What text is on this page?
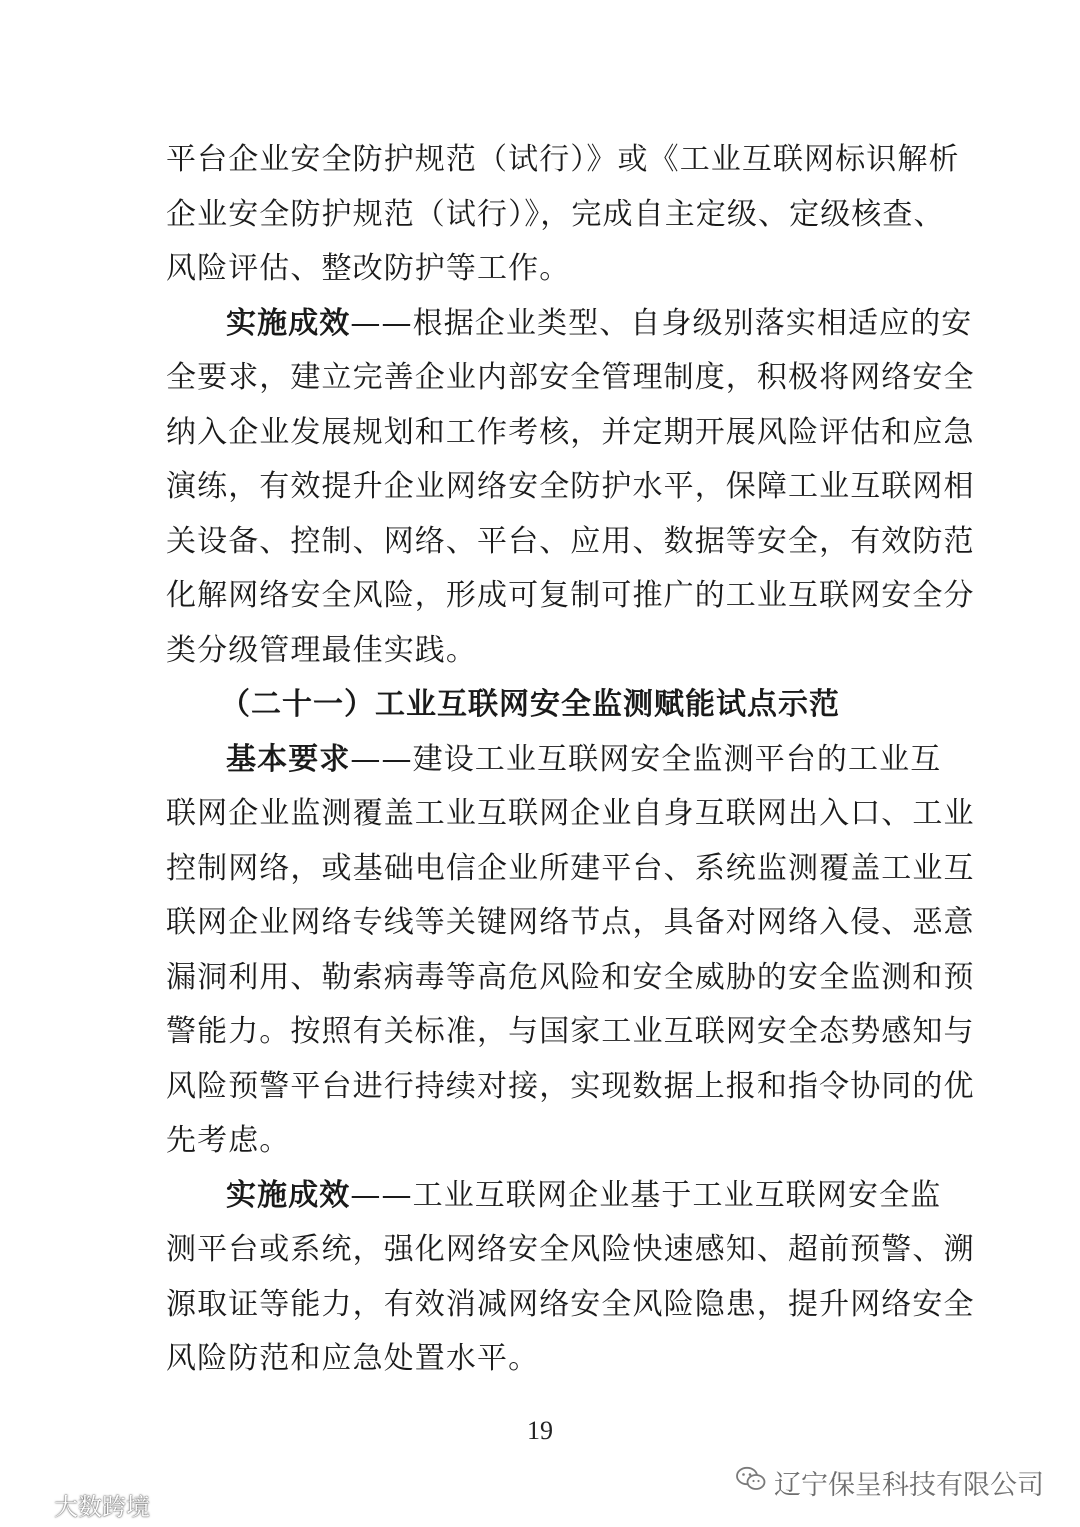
平台企业安全防护规范（试行）》或《工业互联网标识解析
企业安全防护规范（试行）》，完成自主定级、定级核查、
风险评估、整改防护等工作。
实施成效——根据企业类型、自身级别落实相适应的安
全要求，建立完善企业内部安全管理制度，积极将网络安全
纳入企业发展规划和工作考核，并定期开展风险评估和应急
演练，有效提升企业网络安全防护水平，保障工业互联网相
关设备、控制、网络、平台、应用、数据等安全，有效防范
化解网络安全风险，形成可复制可推广的工业互联网安全分
类分级管理最佳实践。
（二十一）工业互联网安全监测赋能试点示范
基本要求——建设工业互联网安全监测平台的工业互
联网企业监测覆盖工业互联网企业自身互联网出入口、工业
控制网络，或基础电信企业所建平台、系统监测覆盖工业互
联网企业网络专线等关键网络节点，具备对网络入侵、恶意
漏洞利用、勒索病毒等高危风险和安全威胁的安全监测和预
警能力。按照有关标准，与国家工业互联网安全态势感知与
风险预警平台进行持续对接，实现数据上报和指令协同的优
先考虑。
实施成效——工业互联网企业基于工业互联网安全监
测平台或系统，强化网络安全风险快速感知、超前预警、溯
源取证等能力，有效消减网络安全风险隐患，提升网络安全
风险防范和应急处置水平。
19
辽宁保呈科技有限公司
大数跨境
